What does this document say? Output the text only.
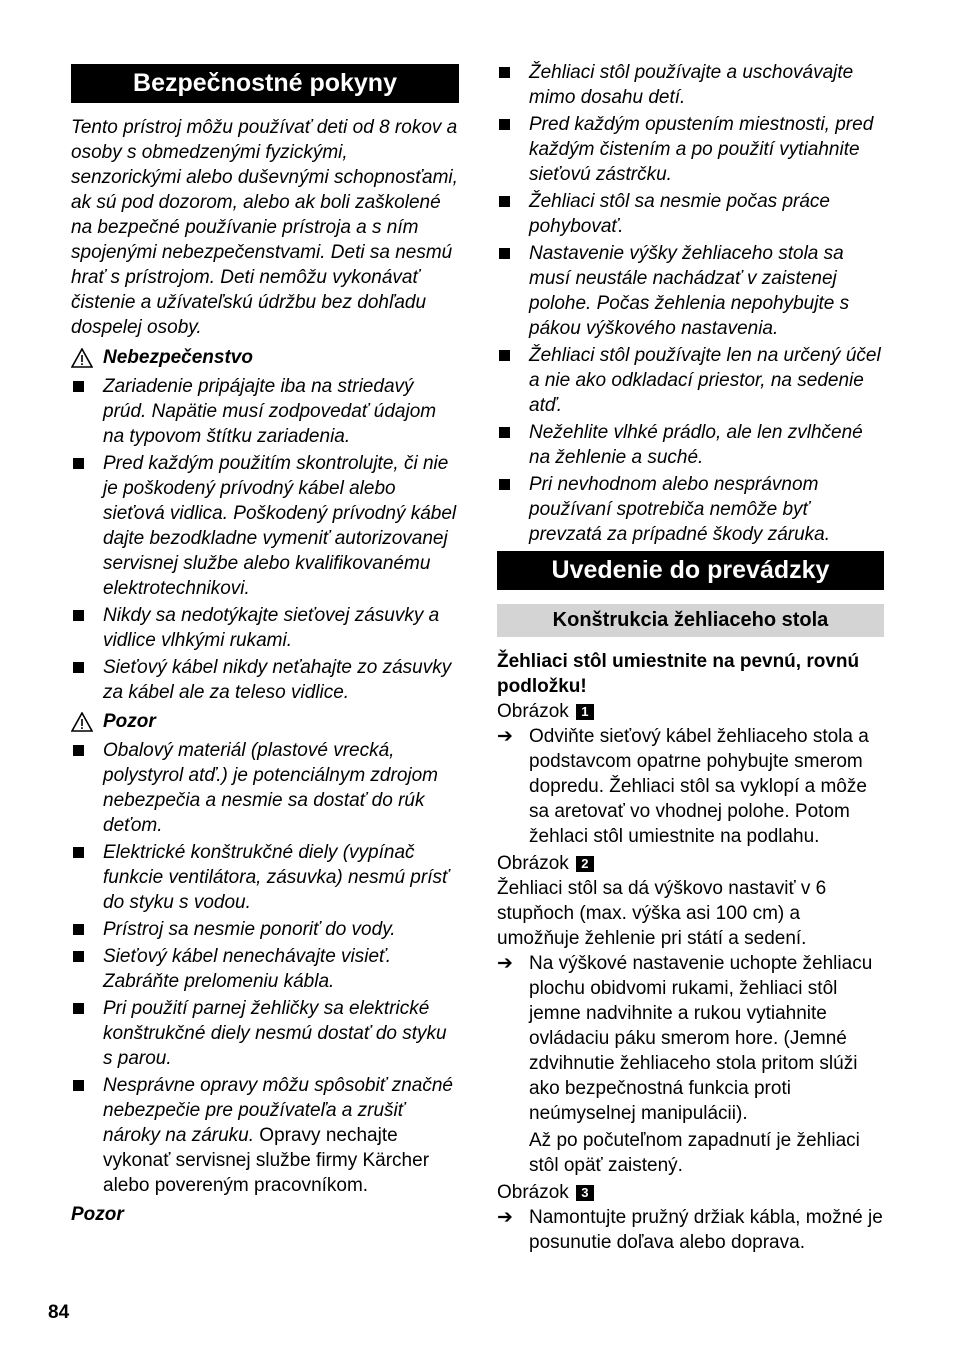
Bezpečnostné pokyny

Tento prístroj môžu používať deti od 8 rokov a osoby s obmedzenými fyzickými, senzorickými alebo duševnými schopnosťami, ak sú pod dozorom, alebo ak boli zaškolené na bezpečné používanie prístroja a s ním spojenými nebezpečenstvami. Deti sa nesmú hrať s prístrojom. Deti nemôžu vykonávať čistenie a užívateľskú údržbu bez dohľadu dospelej osoby.

Nebezpečenstvo
Zariadenie pripájajte iba na striedavý prúd. Napätie musí zodpovedať údajom na typovom štítku zariadenia.
Pred každým použitím skontrolujte, či nie je poškodený prívodný kábel alebo sieťová vidlica. Poškodený prívodný kábel dajte bezodkladne vymeniť autorizovanej servisnej službe alebo kvalifikovanému elektrotechnikovi.
Nikdy sa nedotýkajte sieťovej zásuvky a vidlice vlhkými rukami.
Sieťový kábel nikdy neťahajte zo zásuvky za kábel ale za teleso vidlice.
Pozor
Obalový materiál (plastové vrecká, polystyrol atď.) je potenciálnym zdrojom nebezpečia a nesmie sa dostať do rúk deťom.
Elektrické konštrukčné diely (vypínač funkcie ventilátora, zásuvka) nesmú prísť do styku s vodou.
Prístroj sa nesmie ponoriť do vody.
Sieťový kábel nenechávajte visieť. Zabráňte prelomeniu kábla.
Pri použití parnej žehličky sa elektrické konštrukčné diely nesmú dostať do styku s parou.
Nesprávne opravy môžu spôsobiť značné nebezpečie pre používateľa a zrušiť nároky na záruku. Opravy nechajte vykonať servisnej službe firmy Kärcher alebo povereným pracovníkom.
Pozor
Žehliaci stôl používajte a uschovávajte mimo dosahu detí.
Pred každým opustením miestnosti, pred každým čistením a po použití vytiahnite sieťovú zástrčku.
Žehliaci stôl sa nesmie počas práce pohybovať.
Nastavenie výšky žehliaceho stola sa musí neustále nachádzať v zaistenej polohe. Počas žehlenia nepohybujte s pákou výškového nastavenia.
Žehliaci stôl používajte len na určený účel a nie ako odkladací priestor, na sedenie atď.
Nežehlite vlhké prádlo, ale len zvlhčené na žehlenie a suché.
Pri nevhodnom alebo nesprávnom používaní spotrebiča nemôže byť prevzatá za prípadné škody záruka.
Uvedenie do prevádzky
Konštrukcia žehliaceho stola

Žehliaci stôl umiestnite na pevnú, rovnú podložku!

Obrázok 1
➔ Odviňte sieťový kábel žehliaceho stola a podstavcom opatrne pohybujte smerom dopredu. Žehliaci stôl sa vyklopí a môže sa aretovať vo vhodnej polohe. Potom žehlaci stôl umiestnite na podlahu.
Obrázok 2

Žehliaci stôl sa dá výškovo nastaviť v 6 stupňoch (max. výška asi 100 cm) a umožňuje žehlenie pri státí a sedení.

➔ Na výškové nastavenie uchopte žehliacu plochu obidvomi rukami, žehliaci stôl jemne nadvihnite a rukou vytiahnite ovládaciu páku smerom hore. (Jemné zdvihnutie žehliaceho stola pritom slúži ako bezpečnostná funkcia proti neúmyselnej manipulácii).
Až po počuteľnom zapadnutí je žehliaci stôl opäť zaistený.
Obrázok 3
➔ Namontujte pružný držiak kábla, možné je posunutie doľava alebo doprava.
84
